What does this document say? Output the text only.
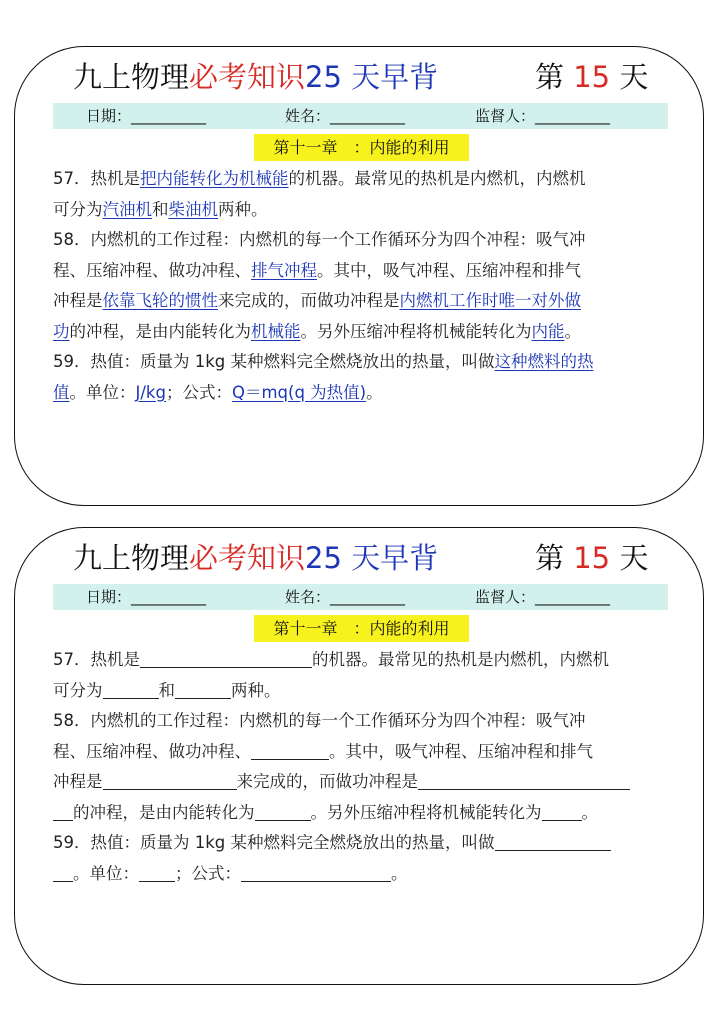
九上物理必考知识25 天早背	第 15 天
日期：__________	姓名：__________	监督人：__________
第十一章　：内能的利用
57．热机是把内能转化为机械能的机器。最常见的热机是内燃机，内燃机
可分为汽油机和柴油机两种。
58．内燃机的工作过程：内燃机的每一个工作循环分为四个冲程：吸气冲
程、压缩冲程、做功冲程、排气冲程。其中，吸气冲程、压缩冲程和排气
冲程是依靠飞轮的惯性来完成的，而做功冲程是内燃机工作时唯一对外做
功的冲程，是由内能转化为机械能。另外压缩冲程将机械能转化为内能。
59．热值：质量为 1kg 某种燃料完全燃烧放出的热量，叫做这种燃料的热
值。单位：J/kg；公式：Q＝mq(q 为热值)。
九上物理必考知识25 天早背	第 15 天
日期：__________	姓名：__________	监督人：__________
第十一章　：内能的利用
57．热机是	的机器。最常见的热机是内燃机，内燃机
可分为	和	两种。
58．内燃机的工作过程：内燃机的每一个工作循环分为四个冲程：吸气冲
程、压缩冲程、做功冲程、	。其中，吸气冲程、压缩冲程和排气
冲程是	来完成的，而做功冲程是
的冲程，是由内能转化为	。另外压缩冲程将机械能转化为 。
59．热值：质量为 1kg 某种燃料完全燃烧放出的热量，叫做
。单位： ；公式：	。
